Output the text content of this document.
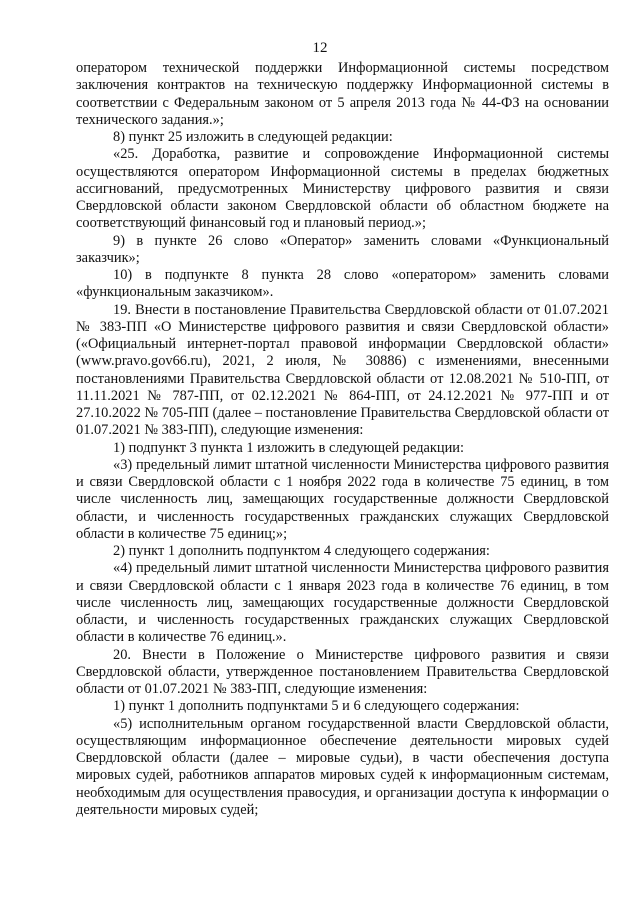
12

оператором технической поддержки Информационной системы посредством заключения контрактов на техническую поддержку Информационной системы в соответствии с Федеральным законом от 5 апреля 2013 года № 44-ФЗ на основании технического задания.»;

8) пункт 25 изложить в следующей редакции:

«25. Доработка, развитие и сопровождение Информационной системы осуществляются оператором Информационной системы в пределах бюджетных ассигнований, предусмотренных Министерству цифрового развития и связи Свердловской области законом Свердловской области об областном бюджете на соответствующий финансовый год и плановый период.»;

9) в пункте 26 слово «Оператор» заменить словами «Функциональный заказчик»;

10) в подпункте 8 пункта 28 слово «оператором» заменить словами «функциональным заказчиком».

19. Внести в постановление Правительства Свердловской области от 01.07.2021 № 383-ПП «О Министерстве цифрового развития и связи Свердловской области» («Официальный интернет-портал правовой информации Свердловской области» (www.pravo.gov66.ru), 2021, 2 июля, № 30886) с изменениями, внесенными постановлениями Правительства Свердловской области от 12.08.2021 № 510-ПП, от 11.11.2021 № 787-ПП, от 02.12.2021 № 864-ПП, от 24.12.2021 № 977-ПП и от 27.10.2022 № 705-ПП (далее – постановление Правительства Свердловской области от 01.07.2021 № 383-ПП), следующие изменения:

1) подпункт 3 пункта 1 изложить в следующей редакции:

«3) предельный лимит штатной численности Министерства цифрового развития и связи Свердловской области с 1 ноября 2022 года в количестве 75 единиц, в том числе численность лиц, замещающих государственные должности Свердловской области, и численность государственных гражданских служащих Свердловской области в количестве 75 единиц;»;

2) пункт 1 дополнить подпунктом 4 следующего содержания:

«4) предельный лимит штатной численности Министерства цифрового развития и связи Свердловской области с 1 января 2023 года в количестве 76 единиц, в том числе численность лиц, замещающих государственные должности Свердловской области, и численность государственных гражданских служащих Свердловской области в количестве 76 единиц.».

20. Внести в Положение о Министерстве цифрового развития и связи Свердловской области, утвержденное постановлением Правительства Свердловской области от 01.07.2021 № 383-ПП, следующие изменения:

1) пункт 1 дополнить подпунктами 5 и 6 следующего содержания:

«5) исполнительным органом государственной власти Свердловской области, осуществляющим информационное обеспечение деятельности мировых судей Свердловской области (далее – мировые судьи), в части обеспечения доступа мировых судей, работников аппаратов мировых судей к информационным системам, необходимым для осуществления правосудия, и организации доступа к информации о деятельности мировых судей;
